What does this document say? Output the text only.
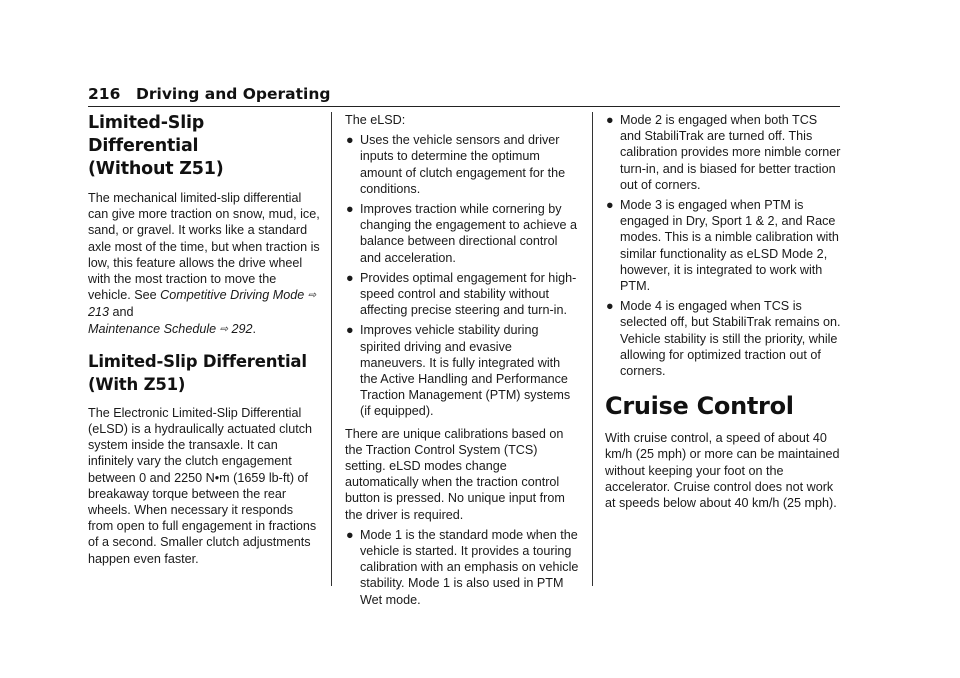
216 Driving and Operating
Limited-Slip Differential
(Without Z51)

The mechanical limited-slip differential can give more traction on snow, mud, ice, sand, or gravel. It works like a standard axle most of the time, but when traction is low, this feature allows the drive wheel with the most traction to move the vehicle. See Competitive Driving Mode ⇨ 213 and
Maintenance Schedule ⇨ 292.

Limited-Slip Differential (With Z51)

The Electronic Limited-Slip Differential (eLSD) is a hydraulically actuated clutch system inside the transaxle. It can infinitely vary the clutch engagement between 0 and 2250 N•m (1659 lb-ft) of breakaway torque between the rear wheels. When necessary it responds from open to full engagement in fractions of a second. Smaller clutch adjustments happen even faster.

The eLSD:

● Uses the vehicle sensors and driver inputs to determine the optimum amount of clutch engagement for the conditions.
● Improves traction while cornering by changing the engagement to achieve a balance between directional control and acceleration.
● Provides optimal engagement for high-speed control and stability without affecting precise steering and turn-in.
● Improves vehicle stability during spirited driving and evasive maneuvers. It is fully integrated with the Active Handling and Performance Traction Management (PTM) systems (if equipped).

There are unique calibrations based on the Traction Control System (TCS) setting. eLSD modes change automatically when the traction control button is pressed. No unique input from the driver is required.

● Mode 1 is the standard mode when the vehicle is started. It provides a touring calibration with an emphasis on vehicle stability. Mode 1 is also used in PTM Wet mode.
● Mode 2 is engaged when both TCS and StabiliTrak are turned off. This calibration provides more nimble corner turn-in, and is biased for better traction out of corners.
● Mode 3 is engaged when PTM is engaged in Dry, Sport 1 & 2, and Race modes. This is a nimble calibration with similar functionality as eLSD Mode 2, however, it is integrated to work with PTM.
● Mode 4 is engaged when TCS is selected off, but StabiliTrak remains on. Vehicle stability is still the priority, while allowing for optimized traction out of corners.
Cruise Control

With cruise control, a speed of about 40 km/h (25 mph) or more can be maintained without keeping your foot on the accelerator. Cruise control does not work at speeds below about 40 km/h (25 mph).
